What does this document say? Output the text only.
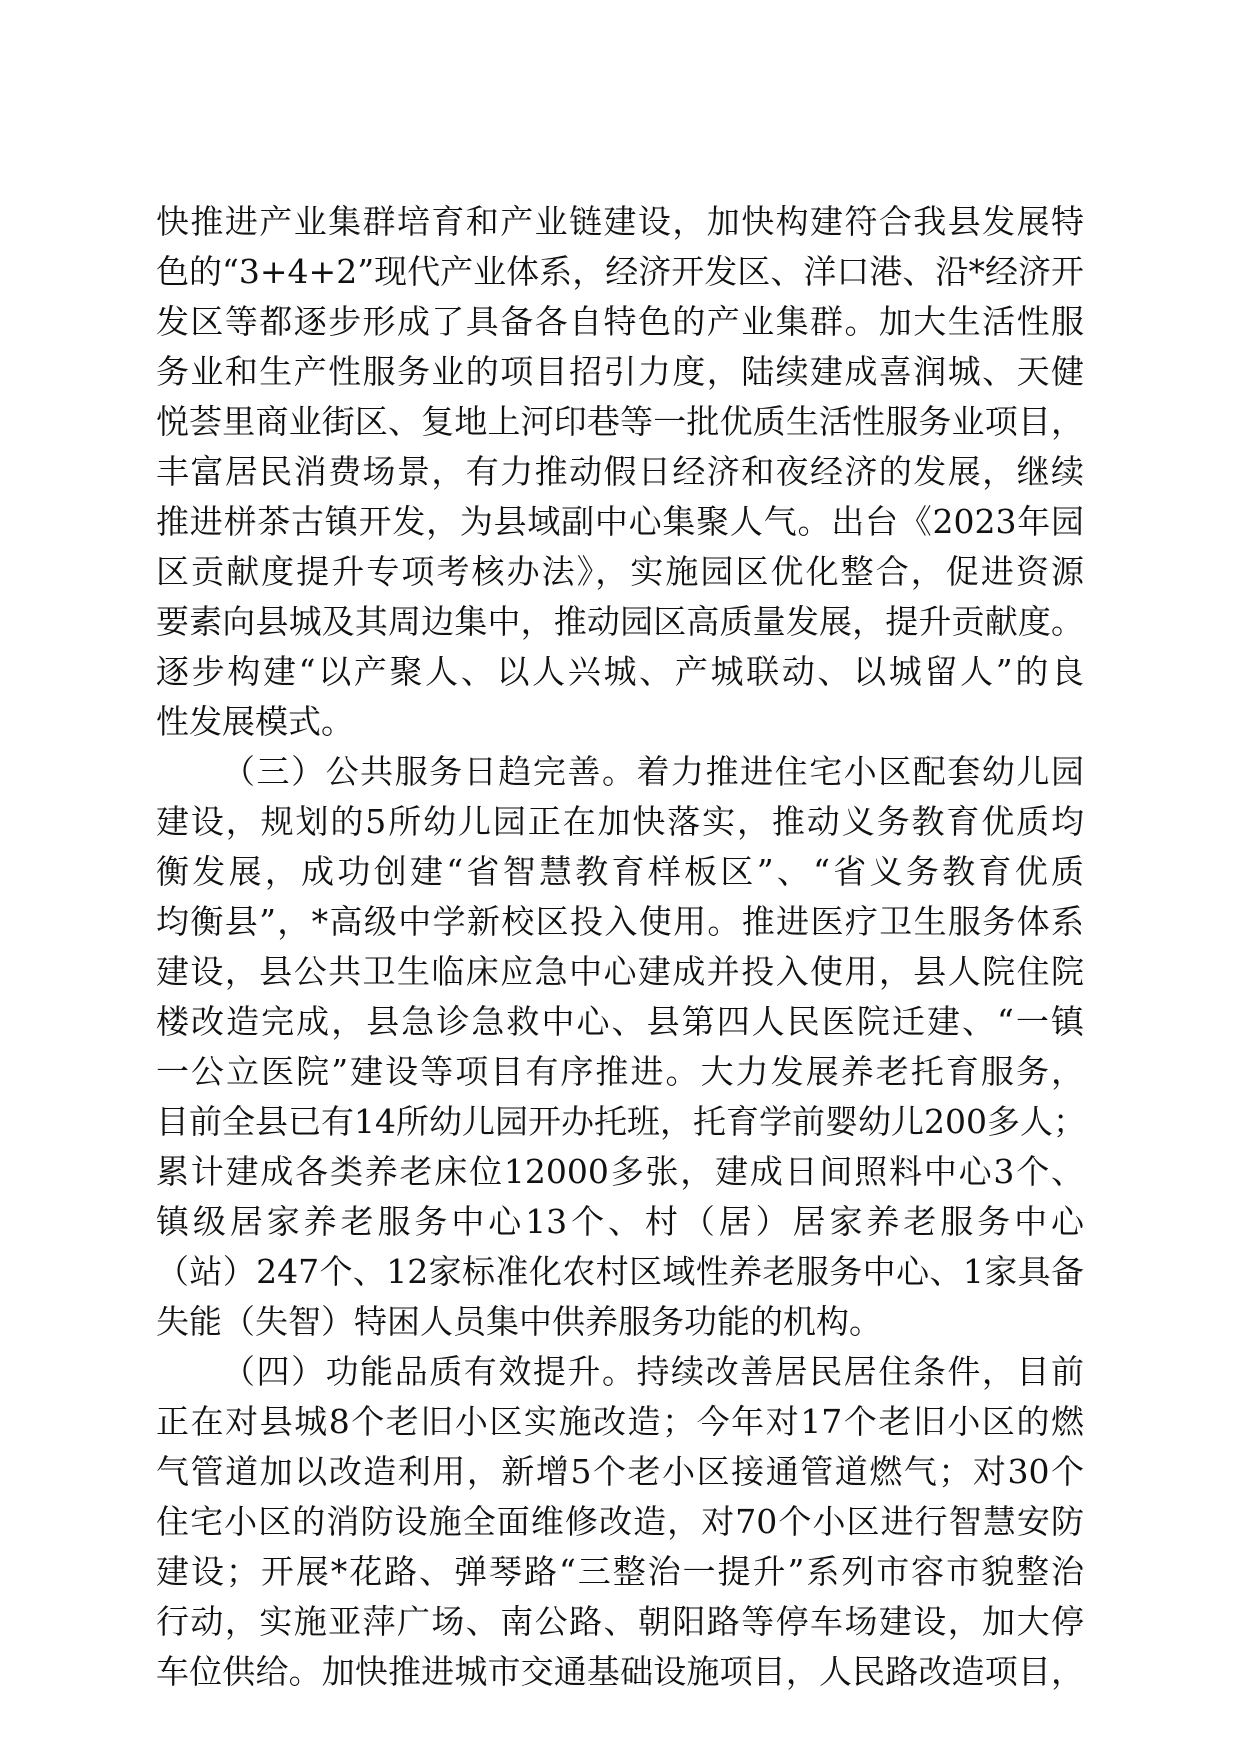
快推进产业集群培育和产业链建设，加快构建符合我县发展特
色的“3+4+2”现代产业体系，经济开发区、洋口港、沿*经济开
发区等都逐步形成了具备各自特色的产业集群。加大生活性服
务业和生产性服务业的项目招引力度，陆续建成喜润城、天健
悦荟里商业街区、复地上河印巷等一批优质生活性服务业项目，
丰富居民消费场景，有力推动假日经济和夜经济的发展，继续
推进栟茶古镇开发，为县域副中心集聚人气。出台《2023年园
区贡献度提升专项考核办法》，实施园区优化整合，促进资源
要素向县城及其周边集中，推动园区高质量发展，提升贡献度。
逐步构建“以产聚人、以人兴城、产城联动、以城留人”的良
性发展模式。
（三）公共服务日趋完善。着力推进住宅小区配套幼儿园
建设，规划的5所幼儿园正在加快落实，推动义务教育优质均
衡发展，成功创建“省智慧教育样板区”、“省义务教育优质
均衡县”，*高级中学新校区投入使用。推进医疗卫生服务体系
建设，县公共卫生临床应急中心建成并投入使用，县人院住院
楼改造完成，县急诊急救中心、县第四人民医院迁建、“一镇
一公立医院”建设等项目有序推进。大力发展养老托育服务，
目前全县已有14所幼儿园开办托班，托育学前婴幼儿200多人；
累计建成各类养老床位12000多张，建成日间照料中心3个、
镇级居家养老服务中心13个、村（居）居家养老服务中心
（站）247个、12家标准化农村区域性养老服务中心、1家具备
失能（失智）特困人员集中供养服务功能的机构。
（四）功能品质有效提升。持续改善居民居住条件，目前
正在对县城8个老旧小区实施改造；今年对17个老旧小区的燃
气管道加以改造利用，新增5个老小区接通管道燃气；对30个
住宅小区的消防设施全面维修改造，对70个小区进行智慧安防
建设；开展*花路、弹琴路“三整治一提升”系列市容市貌整治
行动，实施亚萍广场、南公路、朝阳路等停车场建设，加大停
车位供给。加快推进城市交通基础设施项目，人民路改造项目，
